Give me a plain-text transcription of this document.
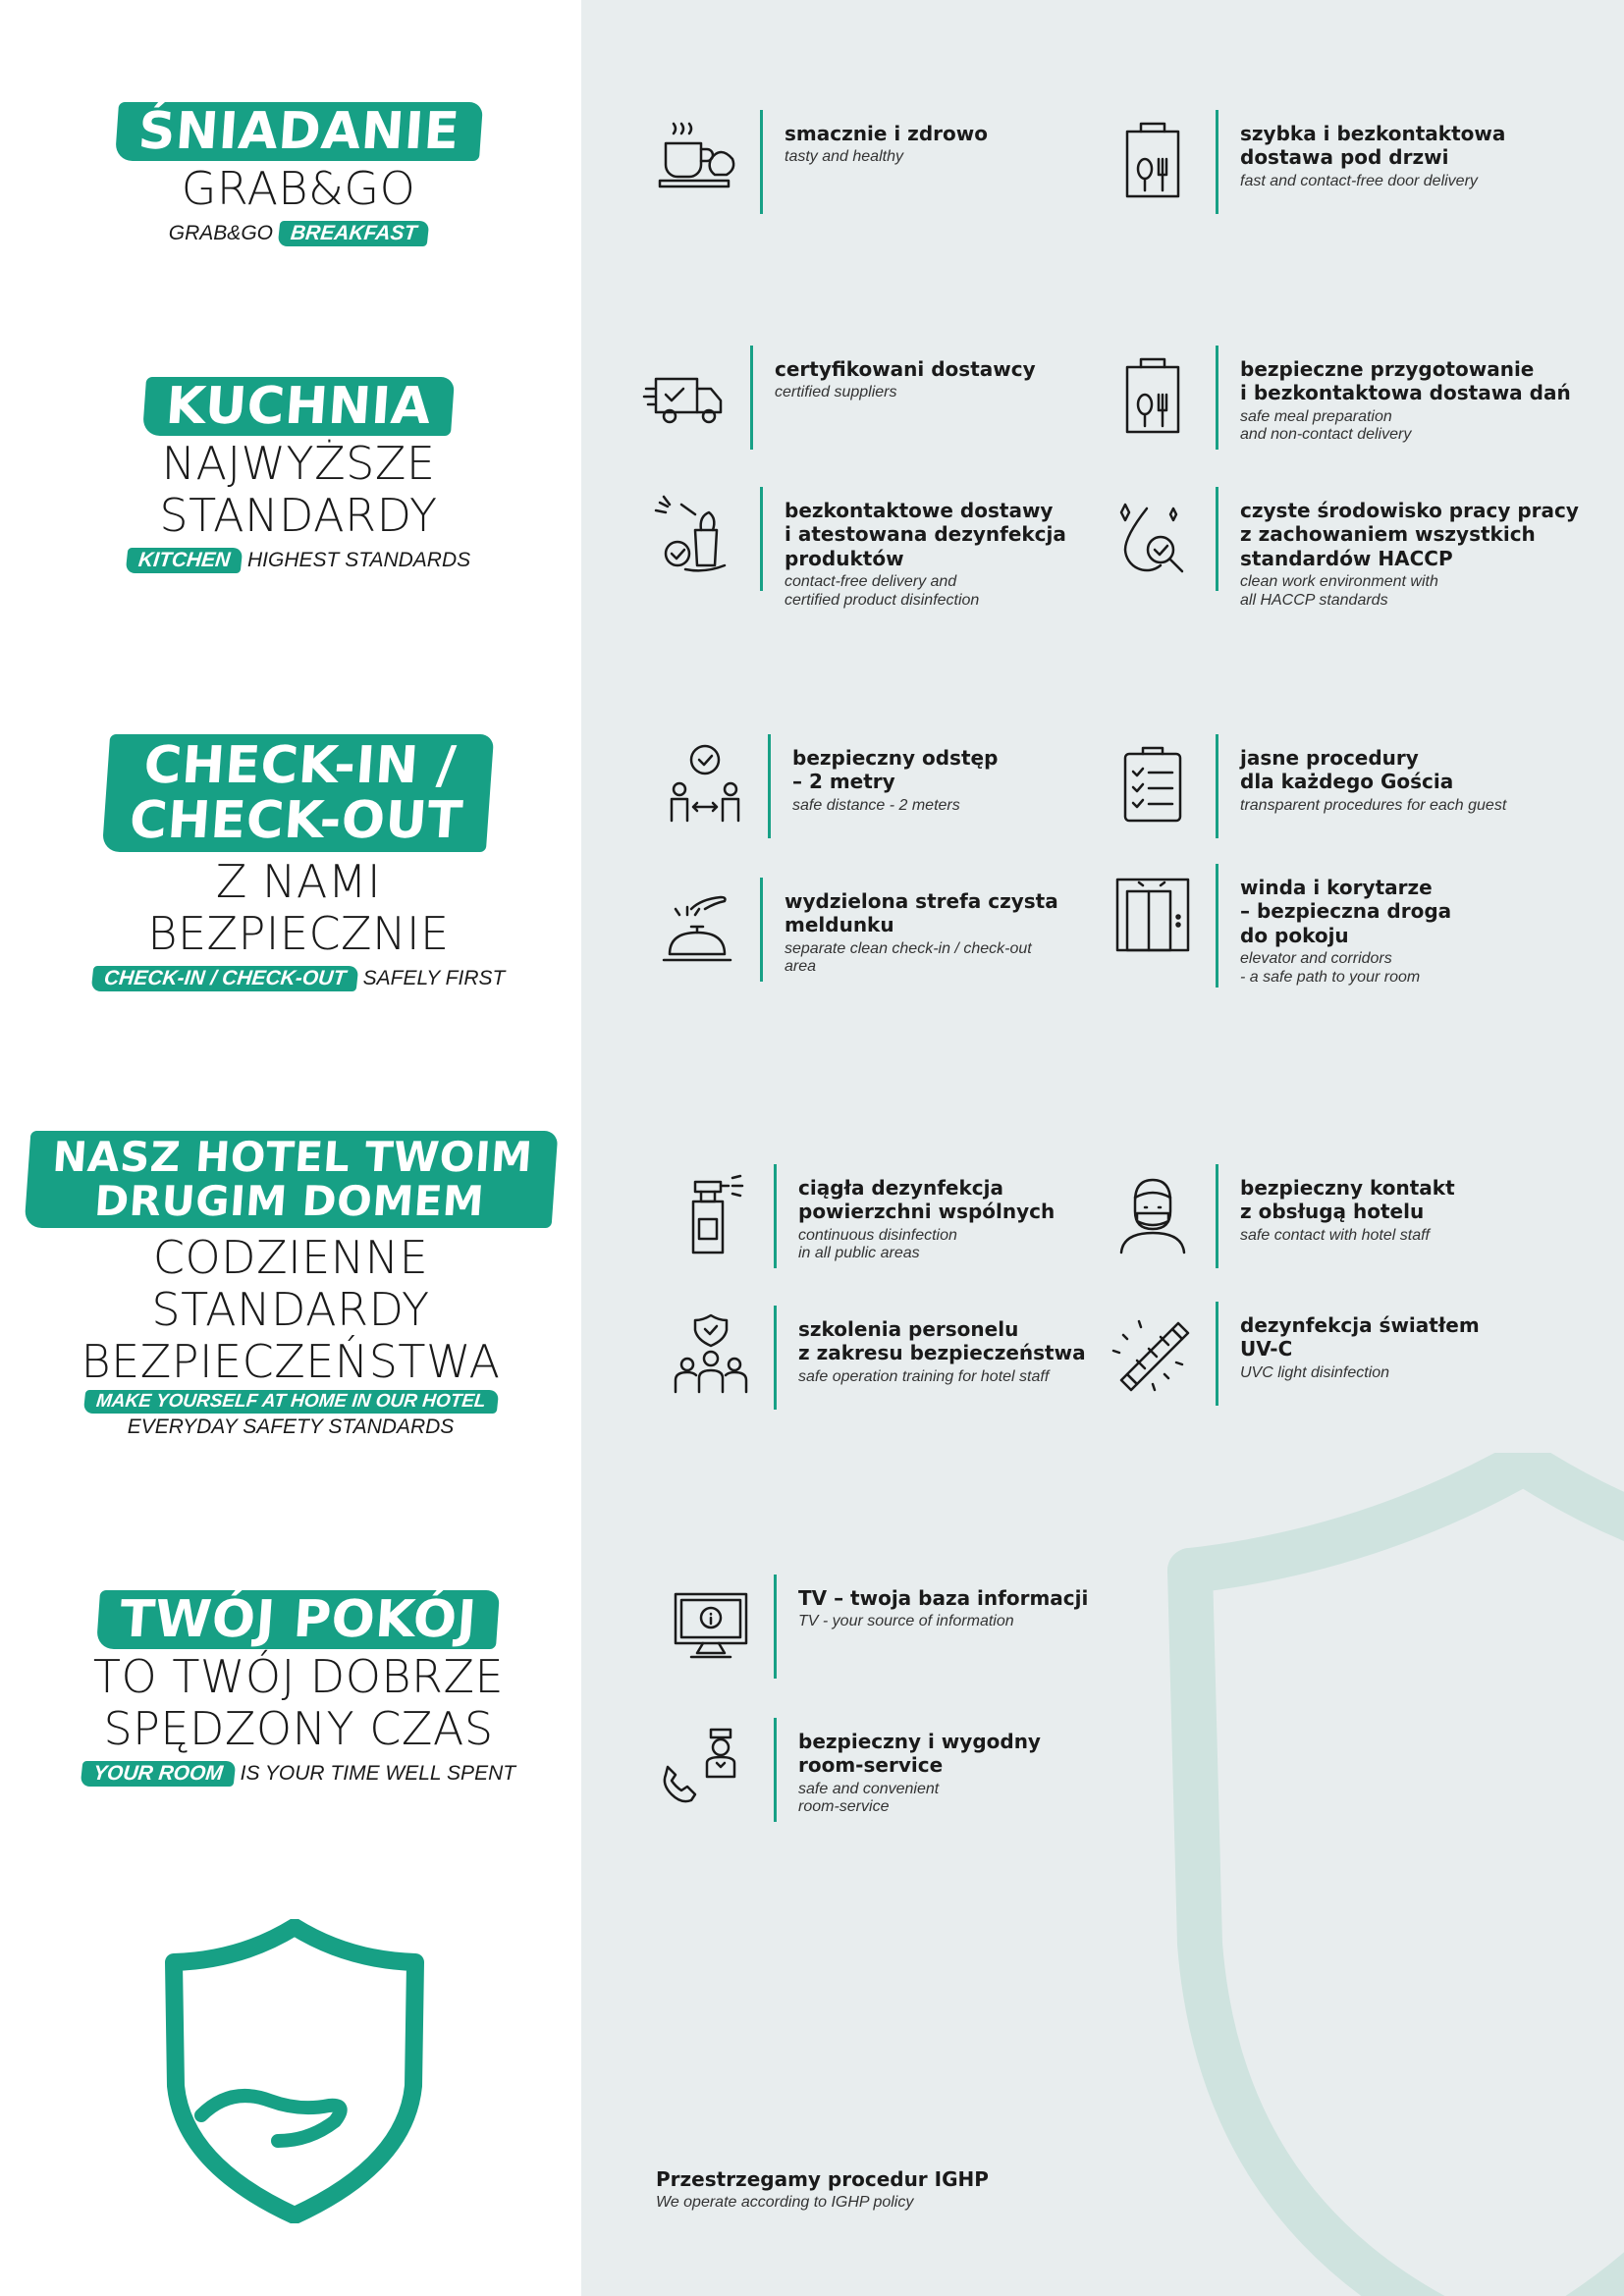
ŚNIADANIE
GRAB&GO
GRAB&GO BREAKFAST
KUCHNIA
NAJWYŻSZE
STANDARDY
KITCHEN HIGHEST STANDARDS
CHECK-IN /
CHECK-OUT
Z NAMI
BEZPIECZNIE
CHECK-IN / CHECK-OUT SAFELY FIRST
NASZ HOTEL TWOIM
DRUGIM DOMEM
CODZIENNE
STANDARDY
BEZPIECZEŃSTWA
MAKE YOURSELF AT HOME IN OUR HOTEL
EVERYDAY SAFETY STANDARDS
TWÓJ POKÓJ
TO TWÓJ DOBRZE
SPĘDZONY CZAS
YOUR ROOM IS YOUR TIME WELL SPENT
smacznie i zdrowo
tasty and healthy
szybka i bezkontaktowa
dostawa pod drzwi
fast and contact-free door delivery
certyfikowani dostawcy
certified suppliers
bezpieczne przygotowanie
i bezkontaktowa dostawa dań
safe meal preparation
and non-contact delivery
bezkontaktowe dostawy
i atestowana dezynfekcja
produktów
contact-free delivery and
certified product disinfection
czyste środowisko pracy pracy
z zachowaniem wszystkich
standardów HACCP
clean work environment with
all HACCP standards
bezpieczny odstęp
– 2 metry
safe distance - 2 meters
jasne procedury
dla każdego Gościa
transparent procedures for each guest
wydzielona strefa czysta
meldunku
separate clean check-in / check-out
area
winda i korytarze
– bezpieczna droga
do pokoju
elevator and corridors
- a safe path to your room
ciągła dezynfekcja
powierzchni wspólnych
continuous disinfection
in all public areas
bezpieczny kontakt
z obsługą hotelu
safe contact with hotel staff
szkolenia personelu
z zakresu bezpieczeństwa
safe operation training for hotel staff
dezynfekcja światłem
UV-C
UVC light disinfection
TV – twoja baza informacji
TV - your source of information
bezpieczny i wygodny
room-service
safe and convenient
room-service
Przestrzegamy procedur IGHP
We operate according to IGHP policy
